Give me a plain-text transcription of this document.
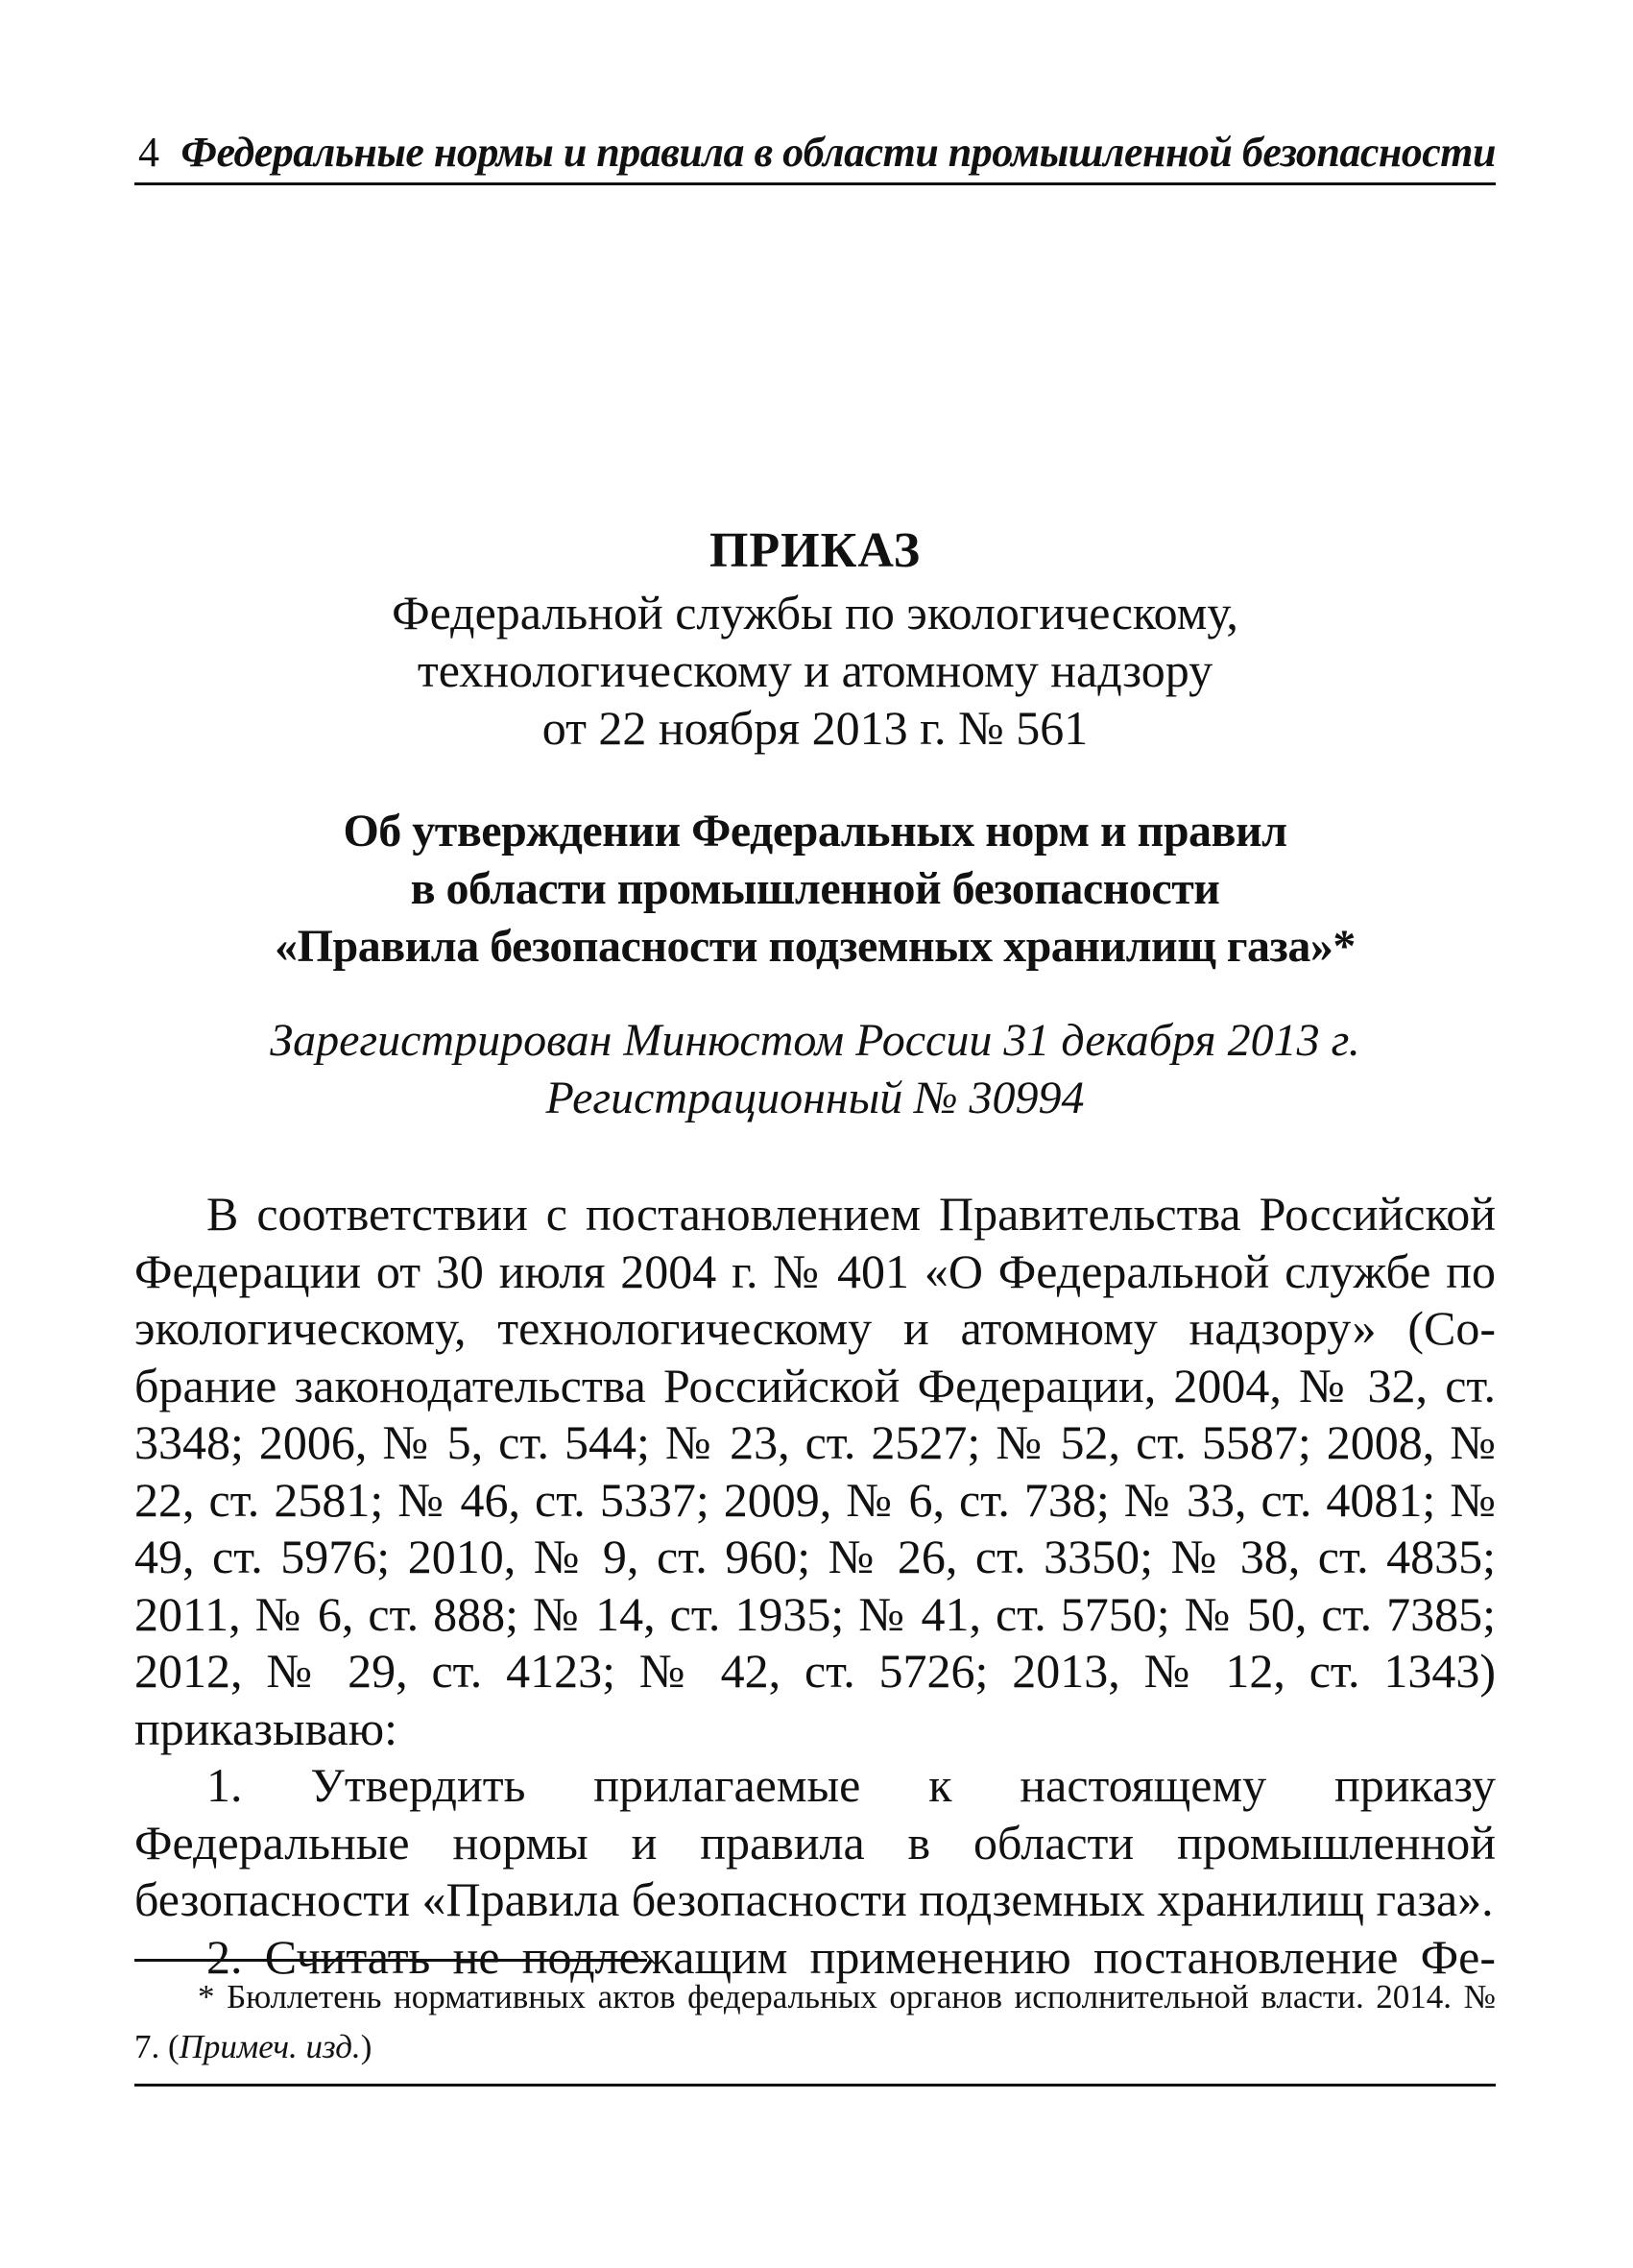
4 Федеральные нормы и правила в области промышленной безопасности
ПРИКАЗ
Федеральной службы по экологическому,
технологическому и атомному надзору
от 22 ноября 2013 г. № 561
Об утверждении Федеральных норм и правил
в области промышленной безопасности
«Правила безопасности подземных хранилищ газа»*
Зарегистрирован Минюстом России 31 декабря 2013 г.
Регистрационный № 30994

В соответствии с постановлением Правительства Российской Федерации от 30 июля 2004 г. № 401 «О Федеральной службе по экологическому, технологическому и атомному надзору» (Собрание законодательства Российской Федерации, 2004, № 32, ст. 3348; 2006, № 5, ст. 544; № 23, ст. 2527; № 52, ст. 5587; 2008, № 22, ст. 2581; № 46, ст. 5337; 2009, № 6, ст. 738; № 33, ст. 4081; № 49, ст. 5976; 2010, № 9, ст. 960; № 26, ст. 3350; № 38, ст. 4835; 2011, № 6, ст. 888; № 14, ст. 1935; № 41, ст. 5750; № 50, ст. 7385; 2012, № 29, ст. 4123; № 42, ст. 5726; 2013, № 12, ст. 1343) приказываю:

1. Утвердить прилагаемые к настоящему приказу Федеральные нормы и правила в области промышленной безопасности «Правила безопасности подземных хранилищ газа».

2. Считать не подлежащим применению постановление Фе-

* Бюллетень нормативных актов федеральных органов исполнительной власти. 2014. № 7. (Примеч. изд.)
